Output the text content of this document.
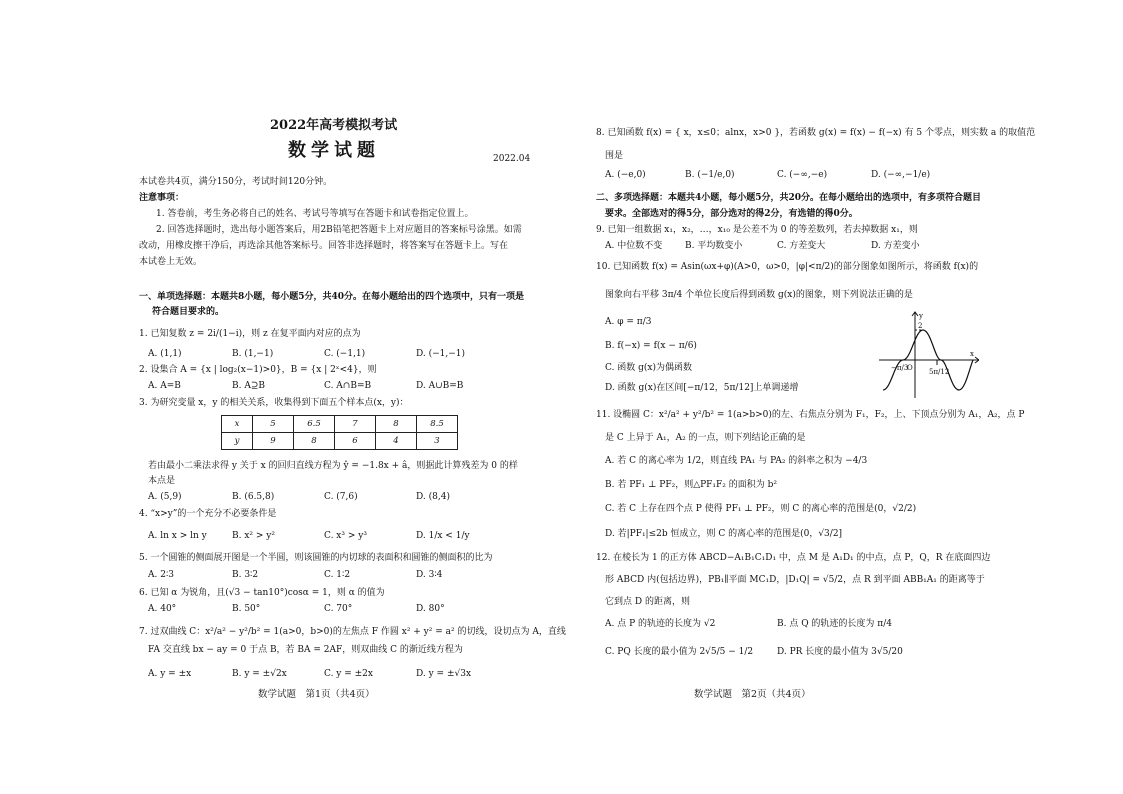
2022年高考模拟考试
数学试题	2022.04
本试卷共4页，满分150分，考试时间120分钟。
注意事项：
1. 答卷前，考生务必将自己的姓名、考试号等填写在答题卡和试卷指定位置上。
2. 回答选择题时，选出每小题答案后，用2B铅笔把答题卡上对应题目的答案标号涂黑。如需
改动，用橡皮擦干净后，再选涂其他答案标号。回答非选择题时，将答案写在答题卡上。写在
本试卷上无效。
一、单项选择题：本题共8小题，每小题5分，共40分。在每小题给出的四个选项中，只有一项是
符合题目要求的。
1. 已知复数 z = 2i/(1−i)，则 z 在复平面内对应的点为
A. (1,1)	B. (1,−1)	C. (−1,1)	D. (−1,−1)
2. 设集合 A = {x | log₂(x−1)>0}，B = {x | 2ˣ<4}，则
A. A=B	B. A⊇B	C. A∩B=B	D. A∪B=B
3. 为研究变量 x，y 的相关关系，收集得到下面五个样本点(x，y)：
x	5	6.5	7	8	8.5
y	9	8	6	4	3
若由最小二乘法求得 y 关于 x 的回归直线方程为 ŷ = −1.8x + â，则据此计算残差为 0 的样
本点是
A. (5,9)	B. (6.5,8)	C. (7,6)	D. (8,4)
4. “x>y”的一个充分不必要条件是
A. ln x > ln y	B. x² > y²	C. x³ > y³	D. 1/x < 1/y
5. 一个圆锥的侧面展开图是一个半圆，则该圆锥的内切球的表面积和圆锥的侧面积的比为
A. 2∶3	B. 3∶2	C. 1∶2	D. 3∶4
6. 已知 α 为锐角，且(√3 − tan10°)cosα = 1，则 α 的值为
A. 40°	B. 50°	C. 70°	D. 80°
7. 过双曲线 C：x²/a² − y²/b² = 1(a>0，b>0)的左焦点 F 作圆 x² + y² = a² 的切线，设切点为 A，直线
FA 交直线 bx − ay = 0 于点 B，若 BA = 2AF，则双曲线 C 的渐近线方程为
A. y = ±x	B. y = ±√2x	C. y = ±2x	D. y = ±√3x
数学试题　第1页（共4页）
8. 已知函数 f(x) = { x，x≤0；alnx，x>0 }，若函数 g(x) = f(x) − f(−x) 有 5 个零点，则实数 a 的取值范
围是
A. (−e,0)	B. (−1/e,0)	C. (−∞,−e)	D. (−∞,−1/e)
二、多项选择题：本题共4小题，每小题5分，共20分。在每小题给出的选项中，有多项符合题目
要求。全部选对的得5分，部分选对的得2分，有选错的得0分。
9. 已知一组数据 x₁，x₂，…，x₁₀ 是公差不为 0 的等差数列，若去掉数据 x₁，则
A. 中位数不变	B. 平均数变小	C. 方差变大	D. 方差变小
10. 已知函数 f(x) = Asin(ωx+φ)(A>0，ω>0，|φ|<π/2)的部分图象如图所示，将函数 f(x)的
图象向右平移 3π/4 个单位长度后得到函数 g(x)的图象，则下列说法正确的是
A. φ = π/3
B. f(−x) = f(x − π/6)
C. 函数 g(x)为偶函数
D. 函数 g(x)在区间[−π/12，5π/12]上单调递增
2
O
−π/3	5π/12
x
y
11. 设椭圆 C：x²/a² + y²/b² = 1(a>b>0)的左、右焦点分别为 F₁，F₂，上、下顶点分别为 A₁，A₂，点 P
是 C 上异于 A₁，A₂ 的一点，则下列结论正确的是
A. 若 C 的离心率为 1/2，则直线 PA₁ 与 PA₂ 的斜率之积为 −4/3
B. 若 PF₁ ⊥ PF₂，则△PF₁F₂ 的面积为 b²
C. 若 C 上存在四个点 P 使得 PF₁ ⊥ PF₂，则 C 的离心率的范围是(0，√2/2)
D. 若|PF₁|≤2b 恒成立，则 C 的离心率的范围是(0，√3/2]
12. 在棱长为 1 的正方体 ABCD−A₁B₁C₁D₁ 中，点 M 是 A₁D₁ 的中点，点 P，Q，R 在底面四边
形 ABCD 内(包括边界)，PB₁∥平面 MC₁D，|D₁Q| = √5/2，点 R 到平面 ABB₁A₁ 的距离等于
它到点 D 的距离，则
A. 点 P 的轨迹的长度为 √2	B. 点 Q 的轨迹的长度为 π/4
C. PQ 长度的最小值为 2√5/5 − 1/2	D. PR 长度的最小值为 3√5/20
数学试题　第2页（共4页）
